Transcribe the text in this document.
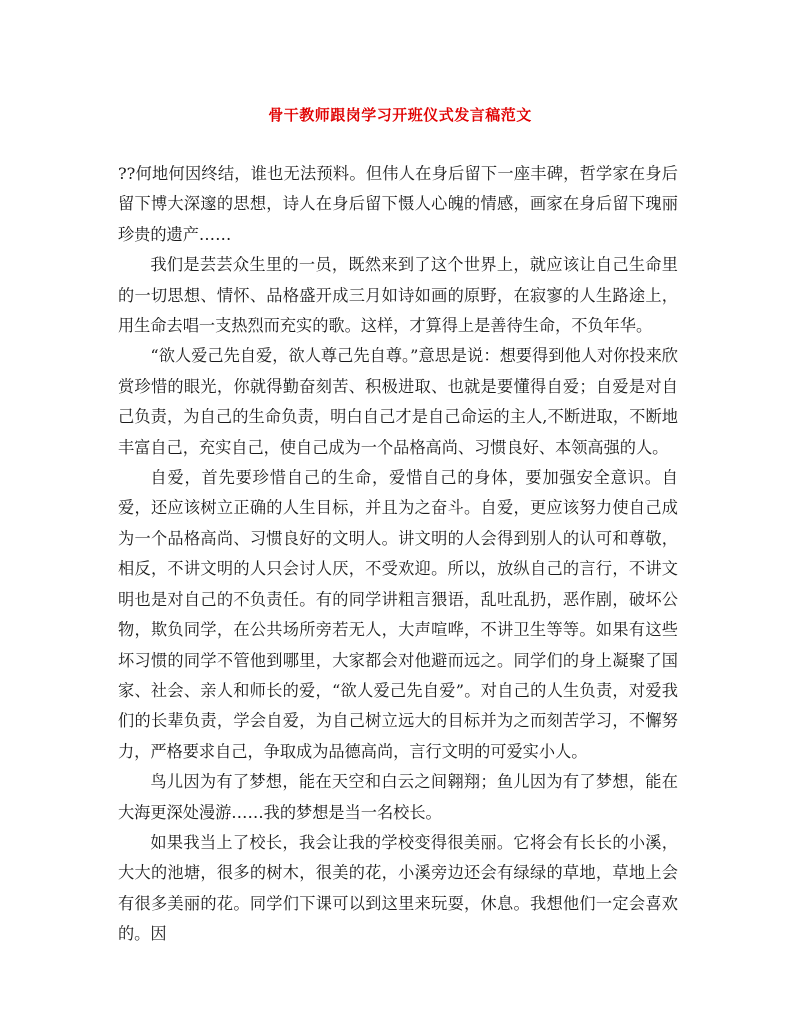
骨干教师跟岗学习开班仪式发言稿范文

??何地何因终结，谁也无法预料。但伟人在身后留下一座丰碑，哲学家在身后留下博大深邃的思想，诗人在身后留下慑人心魄的情感，画家在身后留下瑰丽珍贵的遗产……

我们是芸芸众生里的一员，既然来到了这个世界上，就应该让自己生命里的一切思想、情怀、品格盛开成三月如诗如画的原野，在寂寥的人生路途上，用生命去唱一支热烈而充实的歌。这样，才算得上是善待生命，不负年华。

“欲人爱己先自爱，欲人尊己先自尊。”意思是说：想要得到他人对你投来欣赏珍惜的眼光，你就得勤奋刻苦、积极进取、也就是要懂得自爱；自爱是对自己负责，为自己的生命负责，明白自己才是自己命运的主人,不断进取，不断地丰富自己，充实自己，使自己成为一个品格高尚、习惯良好、本领高强的人。

自爱，首先要珍惜自己的生命，爱惜自己的身体，要加强安全意识。自爱，还应该树立正确的人生目标，并且为之奋斗。自爱，更应该努力使自己成为一个品格高尚、习惯良好的文明人。讲文明的人会得到别人的认可和尊敬，相反，不讲文明的人只会讨人厌，不受欢迎。所以，放纵自己的言行，不讲文明也是对自己的不负责任。有的同学讲粗言猥语，乱吐乱扔，恶作剧，破坏公物，欺负同学，在公共场所旁若无人，大声喧哗，不讲卫生等等。如果有这些坏习惯的同学不管他到哪里，大家都会对他避而远之。同学们的身上凝聚了国家、社会、亲人和师长的爱，“欲人爱己先自爱”。对自己的人生负责，对爱我们的长辈负责，学会自爱，为自己树立远大的目标并为之而刻苦学习，不懈努力，严格要求自己，争取成为品德高尚，言行文明的可爱实小人。

鸟儿因为有了梦想，能在天空和白云之间翱翔；鱼儿因为有了梦想，能在大海更深处漫游……我的梦想是当一名校长。

如果我当上了校长，我会让我的学校变得很美丽。它将会有长长的小溪，大大的池塘，很多的树木，很美的花，小溪旁边还会有绿绿的草地，草地上会有很多美丽的花。同学们下课可以到这里来玩耍，休息。我想他们一定会喜欢的。因
